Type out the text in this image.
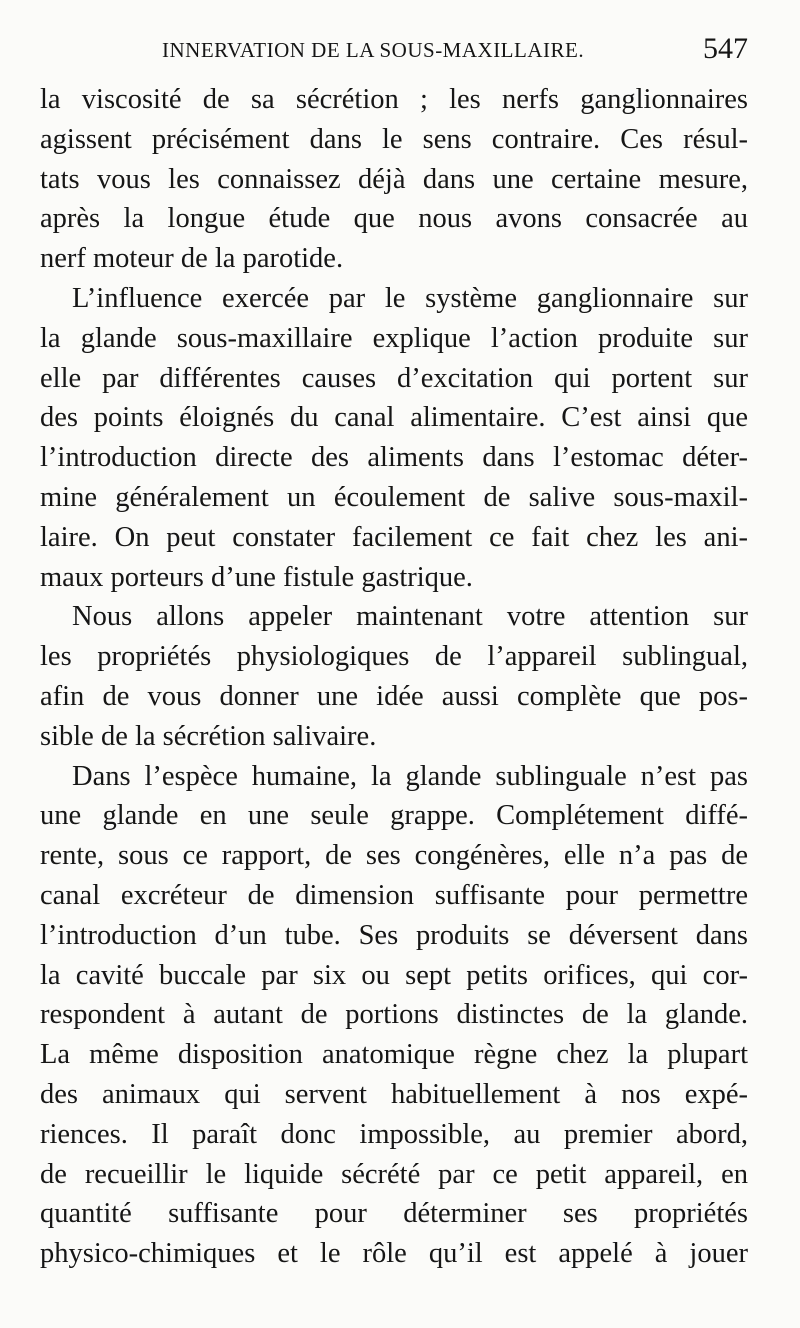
INNERVATION DE LA SOUS-MAXILLAIRE.	547

la viscosité de sa sécrétion ; les nerfs ganglionnaires
agissent précisément dans le sens contraire. Ces résul-
tats vous les connaissez déjà dans une certaine mesure,
après la longue étude que nous avons consacrée au
nerf moteur de la parotide.

L’influence exercée par le système ganglionnaire sur
la glande sous-maxillaire explique l’action produite sur
elle par différentes causes d’excitation qui portent sur
des points éloignés du canal alimentaire. C’est ainsi que
l’introduction directe des aliments dans l’estomac déter-
mine généralement un écoulement de salive sous-maxil-
laire. On peut constater facilement ce fait chez les ani-
maux porteurs d’une fistule gastrique.

Nous allons appeler maintenant votre attention sur
les propriétés physiologiques de l’appareil sublingual,
afin de vous donner une idée aussi complète que pos-
sible de la sécrétion salivaire.

Dans l’espèce humaine, la glande sublinguale n’est pas
une glande en une seule grappe. Complétement diffé-
rente, sous ce rapport, de ses congénères, elle n’a pas de
canal excréteur de dimension suffisante pour permettre
l’introduction d’un tube. Ses produits se déversent dans
la cavité buccale par six ou sept petits orifices, qui cor-
respondent à autant de portions distinctes de la glande.
La même disposition anatomique règne chez la plupart
des animaux qui servent habituellement à nos expé-
riences. Il paraît donc impossible, au premier abord,
de recueillir le liquide sécrété par ce petit appareil, en
quantité suffisante pour déterminer ses propriétés
physico-chimiques et le rôle qu’il est appelé à jouer
